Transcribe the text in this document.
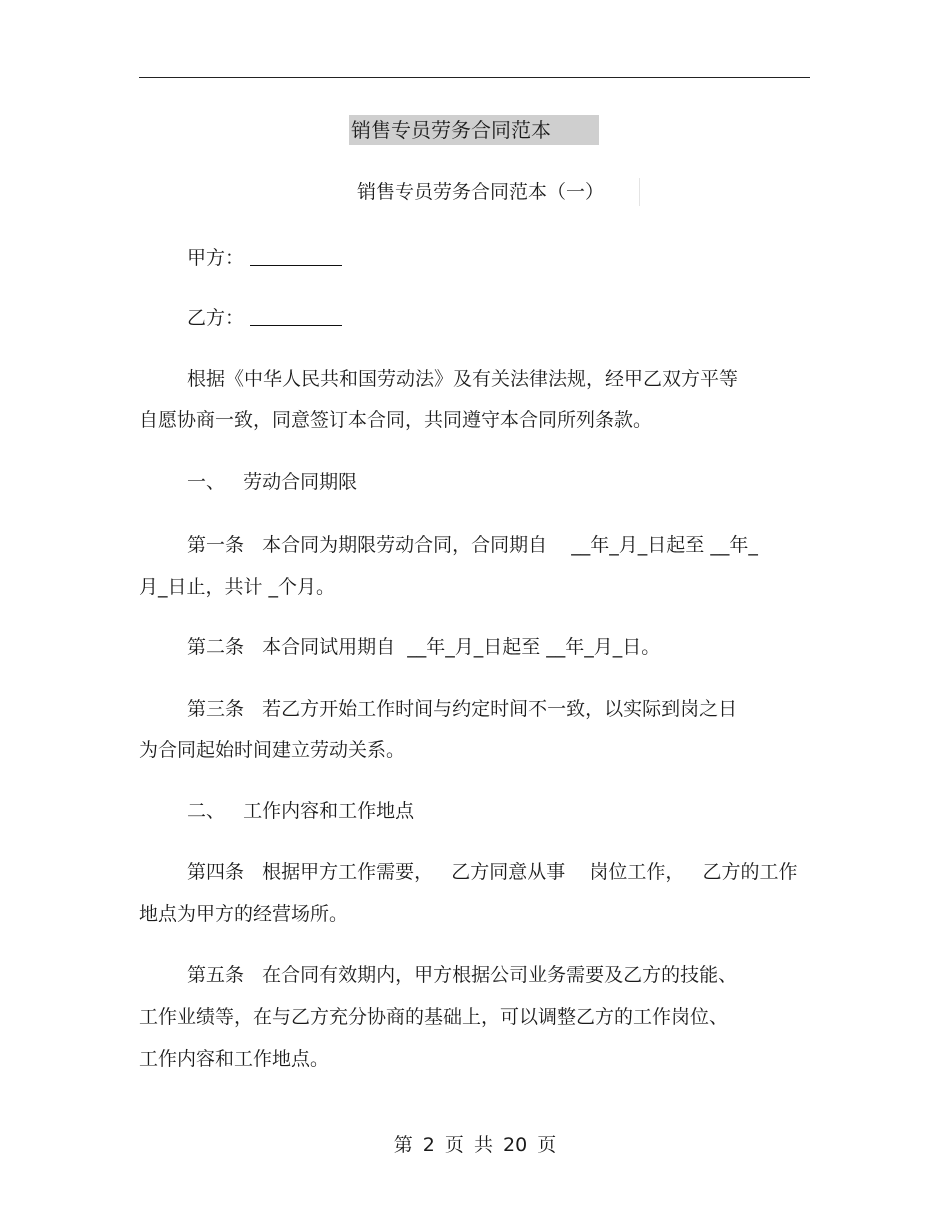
销售专员劳务合同范本
销售专员劳务合同范本（一）
甲方：
乙方：
根据《中华人民共和国劳动法》及有关法律法规，经甲乙双方平等
自愿协商一致，同意签订本合同，共同遵守本合同所列条款。
一、   劳动合同期限
第一条   本合同为期限劳动合同，合同期自    __年_月_日起至 __年_
月_日止，共计 _个月。
第二条   本合同试用期自  __年_月_日起至 __年_月_日。
第三条   若乙方开始工作时间与约定时间不一致，以实际到岗之日
为合同起始时间建立劳动关系。
二、   工作内容和工作地点
第四条   根据甲方工作需要，   乙方同意从事    岗位工作，   乙方的工作
地点为甲方的经营场所。
第五条   在合同有效期内，甲方根据公司业务需要及乙方的技能、
工作业绩等，在与乙方充分协商的基础上，可以调整乙方的工作岗位、
工作内容和工作地点。
第 2 页 共 20 页
